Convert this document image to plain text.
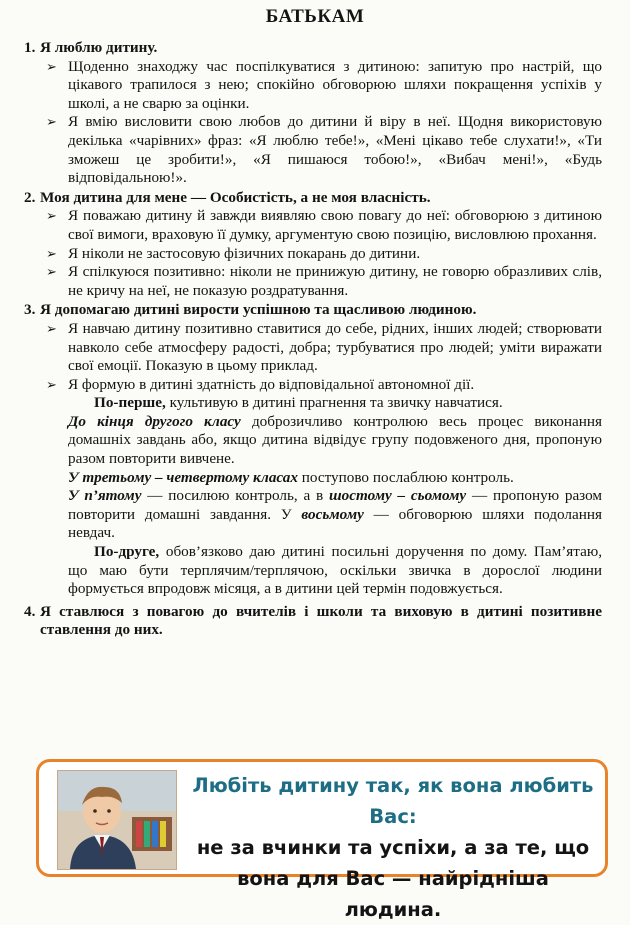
БАТЬКАМ
1. Я люблю дитину.
➢ Щоденно знаходжу час поспілкуватися з дитиною: запитую про настрій, що цікавого трапилося з нею; спокійно обговорюю шляхи покращення успіхів у школі, а не сварю за оцінки.
➢ Я вмію висловити свою любов до дитини й віру в неї. Щодня використовую декілька «чарівних» фраз: «Я люблю тебе!», «Мені цікаво тебе слухати!», «Ти зможеш це зробити!», «Я пишаюся тобою!», «Вибач мені!», «Будь відповідальною!».
2. Моя дитина для мене — Особистість, а не моя власність.
➢ Я поважаю дитину й завжди виявляю свою повагу до неї: обговорюю з дитиною свої вимоги, враховую її думку, аргументую свою позицію, висловлюю прохання.
➢ Я ніколи не застосовую фізичних покарань до дитини.
➢ Я спілкуюся позитивно: ніколи не принижую дитину, не говорю образливих слів, не кричу на неї, не показую роздратування.
3. Я допомагаю дитині вирости успішною та щасливою людиною.
➢ Я навчаю дитину позитивно ставитися до себе, рідних, інших людей; створювати навколо себе атмосферу радості, добра; турбуватися про людей; уміти виражати свої емоції. Показую в цьому приклад.
➢ Я формую в дитині здатність до відповідальної автономної дії.
По-перше, культивую в дитині прагнення та звичку навчатися.
До кінця другого класу доброзичливо контролюю весь процес виконання домашніх завдань або, якщо дитина відвідує групу подовженого дня, пропоную разом повторити вивчене.
У третьому – четвертому класах поступово послаблюю контроль.
У п’ятому — посилюю контроль, а в шостому – сьомому — пропоную разом повторити домашні завдання. У восьмому — обговорюю шляхи подолання невдач.
По-друге, обов’язково даю дитині посильні доручення по дому. Пам’ятаю, що маю бути терплячим/терплячою, оскільки звичка в дорослої людини формується впродовж місяця, а в дитини цей термін подовжується.
4. Я ставлюся з повагою до вчителів і школи та виховую в дитині позитивне ставлення до них.
Любіть дитину так, як вона любить Вас:
не за вчинки та успіхи, а за те, що вона для Вас — найрідніша людина.
